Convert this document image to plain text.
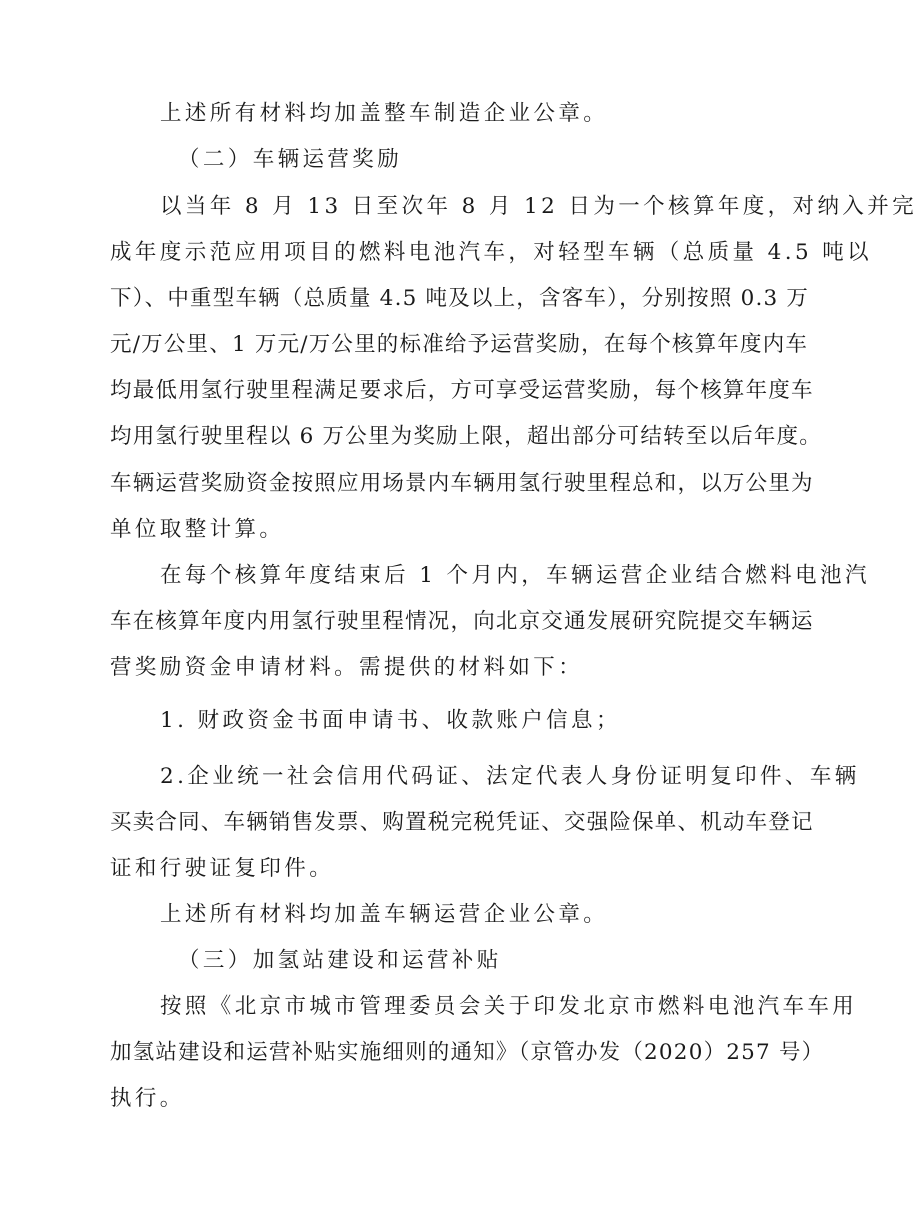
上述所有材料均加盖整车制造企业公章。
（二）车辆运营奖励
以当年 8 月 13 日至次年 8 月 12 日为一个核算年度，对纳入并完
成年度示范应用项目的燃料电池汽车，对轻型车辆（总质量 4.5 吨以
下）、中重型车辆（总质量 4.5 吨及以上，含客车），分别按照 0.3 万
元/万公里、1 万元/万公里的标准给予运营奖励，在每个核算年度内车
均最低用氢行驶里程满足要求后，方可享受运营奖励，每个核算年度车
均用氢行驶里程以 6 万公里为奖励上限，超出部分可结转至以后年度。
车辆运营奖励资金按照应用场景内车辆用氢行驶里程总和，以万公里为
单位取整计算。
在每个核算年度结束后 1 个月内，车辆运营企业结合燃料电池汽
车在核算年度内用氢行驶里程情况，向北京交通发展研究院提交车辆运
营奖励资金申请材料。需提供的材料如下：
1. 财政资金书面申请书、收款账户信息；
2.企业统一社会信用代码证、法定代表人身份证明复印件、车辆
买卖合同、车辆销售发票、购置税完税凭证、交强险保单、机动车登记
证和行驶证复印件。
上述所有材料均加盖车辆运营企业公章。
（三）加氢站建设和运营补贴
按照《北京市城市管理委员会关于印发北京市燃料电池汽车车用
加氢站建设和运营补贴实施细则的通知》（京管办发（2020）257 号）
执行。
